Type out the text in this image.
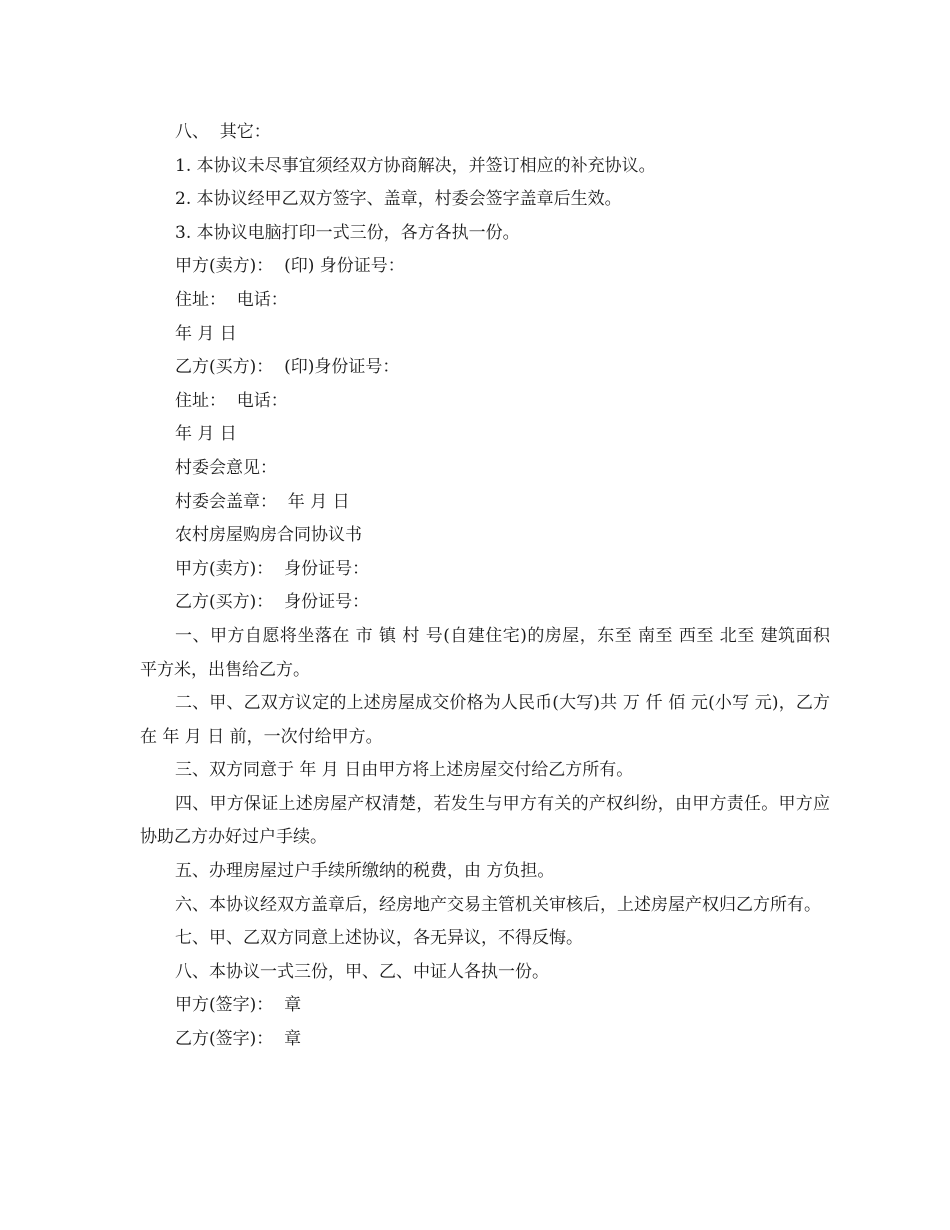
八、  其它：
1. 本协议未尽事宜须经双方协商解决，并签订相应的补充协议。
2. 本协议经甲乙双方签字、盖章，村委会签字盖章后生效。
3. 本协议电脑打印一式三份，各方各执一份。
甲方(卖方)：  (印) 身份证号：
住址：  电话：
年 月 日
乙方(买方)：  (印)身份证号：
住址：  电话：
年 月 日
村委会意见：
村委会盖章：  年 月 日
农村房屋购房合同协议书
甲方(卖方)：  身份证号：
乙方(买方)：  身份证号：

一、甲方自愿将坐落在 市 镇 村 号(自建住宅)的房屋，东至 南至 西至 北至 建筑面积 平方米，出售给乙方。

二、甲、乙双方议定的上述房屋成交价格为人民币(大写)共 万 仟 佰 元(小写 元)，乙方在 年 月 日 前，一次付给甲方。

三、双方同意于 年 月 日由甲方将上述房屋交付给乙方所有。

四、甲方保证上述房屋产权清楚，若发生与甲方有关的产权纠纷，由甲方责任。甲方应协助乙方办好过户手续。

五、办理房屋过户手续所缴纳的税费，由 方负担。

六、本协议经双方盖章后，经房地产交易主管机关审核后，上述房屋产权归乙方所有。

七、甲、乙双方同意上述协议，各无异议，不得反悔。

八、本协议一式三份，甲、乙、中证人各执一份。

甲方(签字)：  章
乙方(签字)：  章
